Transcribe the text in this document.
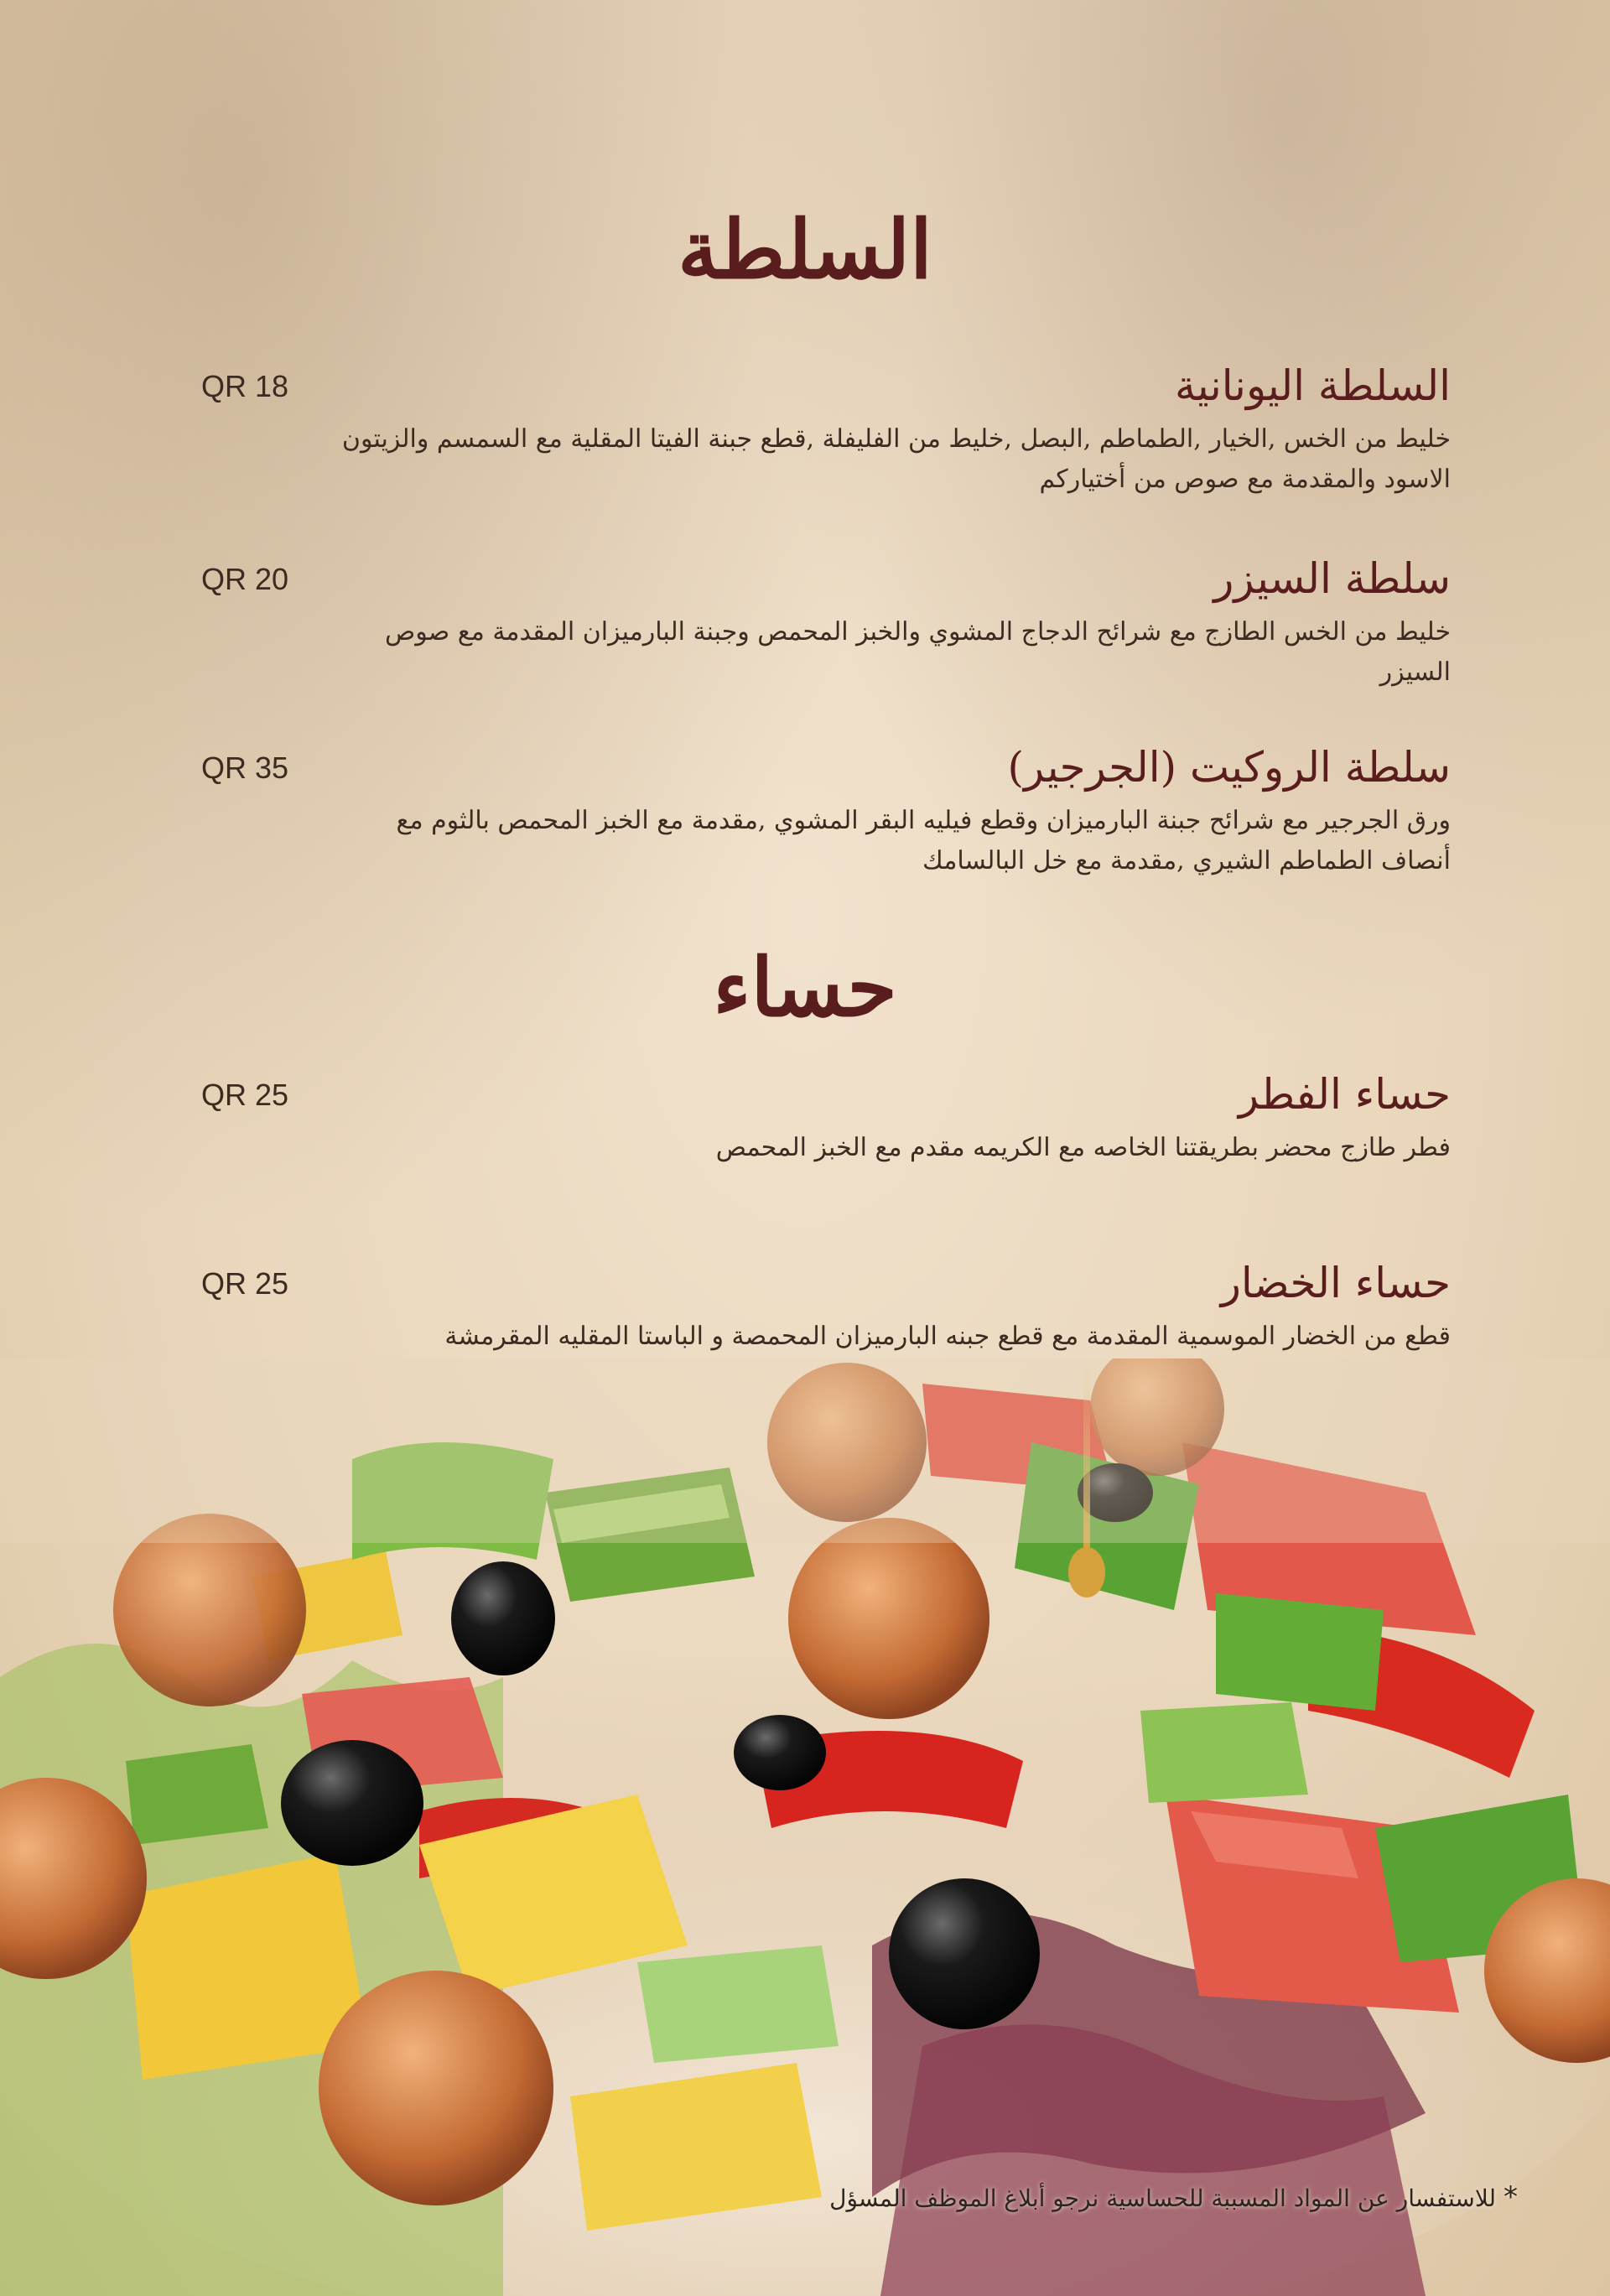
السلطة
السلطة اليونانية
خليط من الخس ,الخيار ,الطماطم ,البصل ,خليط من الفليفلة ,قطع جبنة الفيتا المقلية مع السمسم والزيتون الاسود والمقدمة مع صوص من أختياركم
QR 18
سلطة السيزر
خليط من الخس الطازج مع شرائح الدجاج المشوي والخبز المحمص وجبنة البارميزان المقدمة مع صوص السيزر
QR 20
سلطة الروكيت (الجرجير)
ورق الجرجير مع شرائح جبنة البارميزان وقطع فيليه البقر المشوي ,مقدمة مع الخبز المحمص بالثوم مع أنصاف الطماطم الشيري ,مقدمة مع خل البالسامك
QR 35
حساء
حساء الفطر
فطر طازج محضر بطريقتنا الخاصه مع الكريمه مقدم مع الخبز المحمص
QR 25
حساء الخضار
قطع من الخضار الموسمية المقدمة مع قطع جبنه البارميزان المحمصة و الباستا المقليه المقرمشة
QR 25
* للاستفسار عن المواد المسببة للحساسية نرجو أبلاغ الموظف المسؤل
